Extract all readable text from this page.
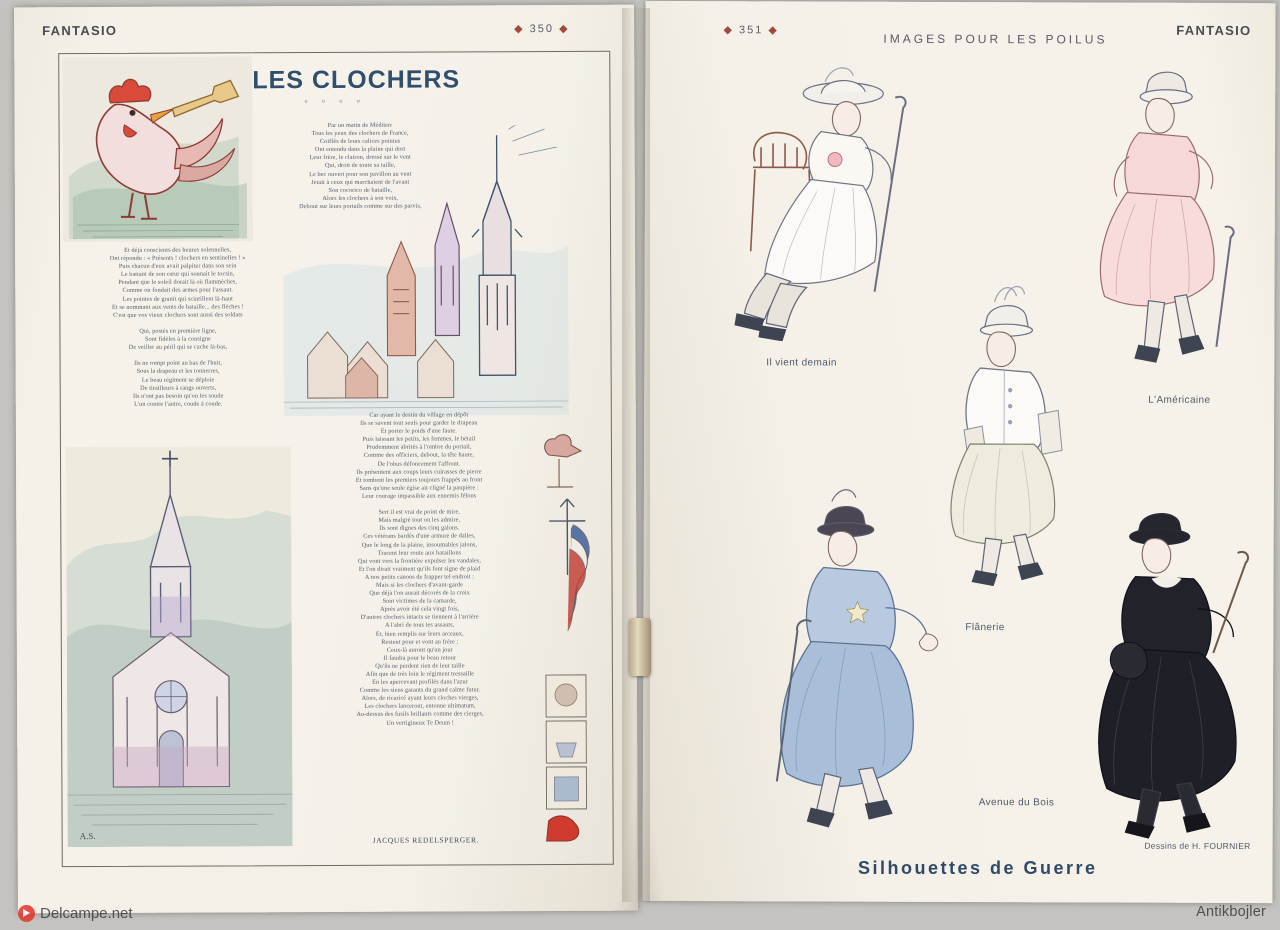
FANTASIO	◆ 350 ◆
LES CLOCHERS
▫ ▫ ▫ ▫
Par un matin de Méditerr
Tous les yeux des clochers de France,
Coiffés de leurs calices pointus
Ont entendu dans la plaine qui dort
Leur frère, le clairon, dressé sur le vent
Qui, droit de toute sa taille,
Le bec ouvert pour son pavillon au vent
Jetait à ceux qui marchaient de l'avant
Son cocorico de bataille,
Alors les clochers à son voix,
Debout sur leurs portails comme sur des parvis,
Et déjà conscients des heures solennelles,
Ont répondu : « Présents ! clochers en sentinelles ! »
Puis chacun d'eux avait palpiter dans son sein
Le battant de son cœur qui sonnait le tocsin,
Pendant que le soleil dorait là où flammèches,
Comme on fondait des armes pour l'assaut.
Les pointes de granit qui scintillent là-haut
Et se nommant aux vents de bataille... des flèches !
C'est que vos vieux clochers sont aussi des soldats

Qui, postés en première ligne,
Sont fidèles à la consigne
De veiller au péril qui se cache là-bas,

Ils ne rompt point au bas de l'huit,
Sous la drapeau et les tonnerres,
Le beau régiment se déploie
De tirailleurs à rangs ouverts,
Ils n'ont pas besoin qu'on les soude
L'un contre l'autre, coude à coude.
Car ayant le destin du village en dépôt
Ils se savent tout seuls pour garder le drapeau
Et porter le poids d'une faute.
Puis laissant les petits, les femmes, le bétail
Prudemment abrités à l'ombre du portail,
Comme des officiers, debout, la tête haute,
De l'obus défoncement l'affront.
Ils présentent aux coups leurs cuirasses de pierre
Et tombent les premiers toujours frappés au front
Sans qu'une seule égise ait cligné la paupière :
Leur courage impassible aux ennemis félons

Sert il est vrai de point de mire,
Mais malgré tout on les admire,
Ils sont dignes des cinq galons.
Ces vétérans bardés d'une armure de dalles,
Que le long de la plaine, insoumables jalons,
Tracent leur route aux bataillons
Qui vont vers la frontière expulser les vandales,
Et l'on dirait vraiment qu'ils font signe de plaid
A nos petits canons de frapper tel endroit :
Mais si les clochers d'avant-garde
Que déjà l'on aurait décorés de la croix
Sont victimes de la camarde,
Après avoir été cela vingt fois,
D'autres clochers intacts se tiennent à l'arrière
A l'abri de tous les assauts,
Et, bien remplis sur leurs arceaux,
Restent pour et vont au frère ;
Ceux-là auront qu'un jour
Il faudra pour le beau retour
Qu'ils ne perdent rien de leur taille
Afin que de très loin le régiment tressaille
En les apercevant profilés dans l'azur
Comme les siens garants du grand calme futur.
Alors, de ricaricé ayant leurs cloches vierges,
Les clochers lanceront, entonne ultimatum,
Au-dessus des fusils brillants comme des cierges,
Un vertigineux Te Deum !
A.S.	JACQUES REDELSPERGER.
◆ 351 ◆
IMAGES POUR LES POILUS
FANTASIO
Il vient demain
L'Américaine
Flânerie
Avenue du Bois
Dessins de H. FOURNIER
Silhouettes de Guerre
Delcampe.net	Antikbojler
